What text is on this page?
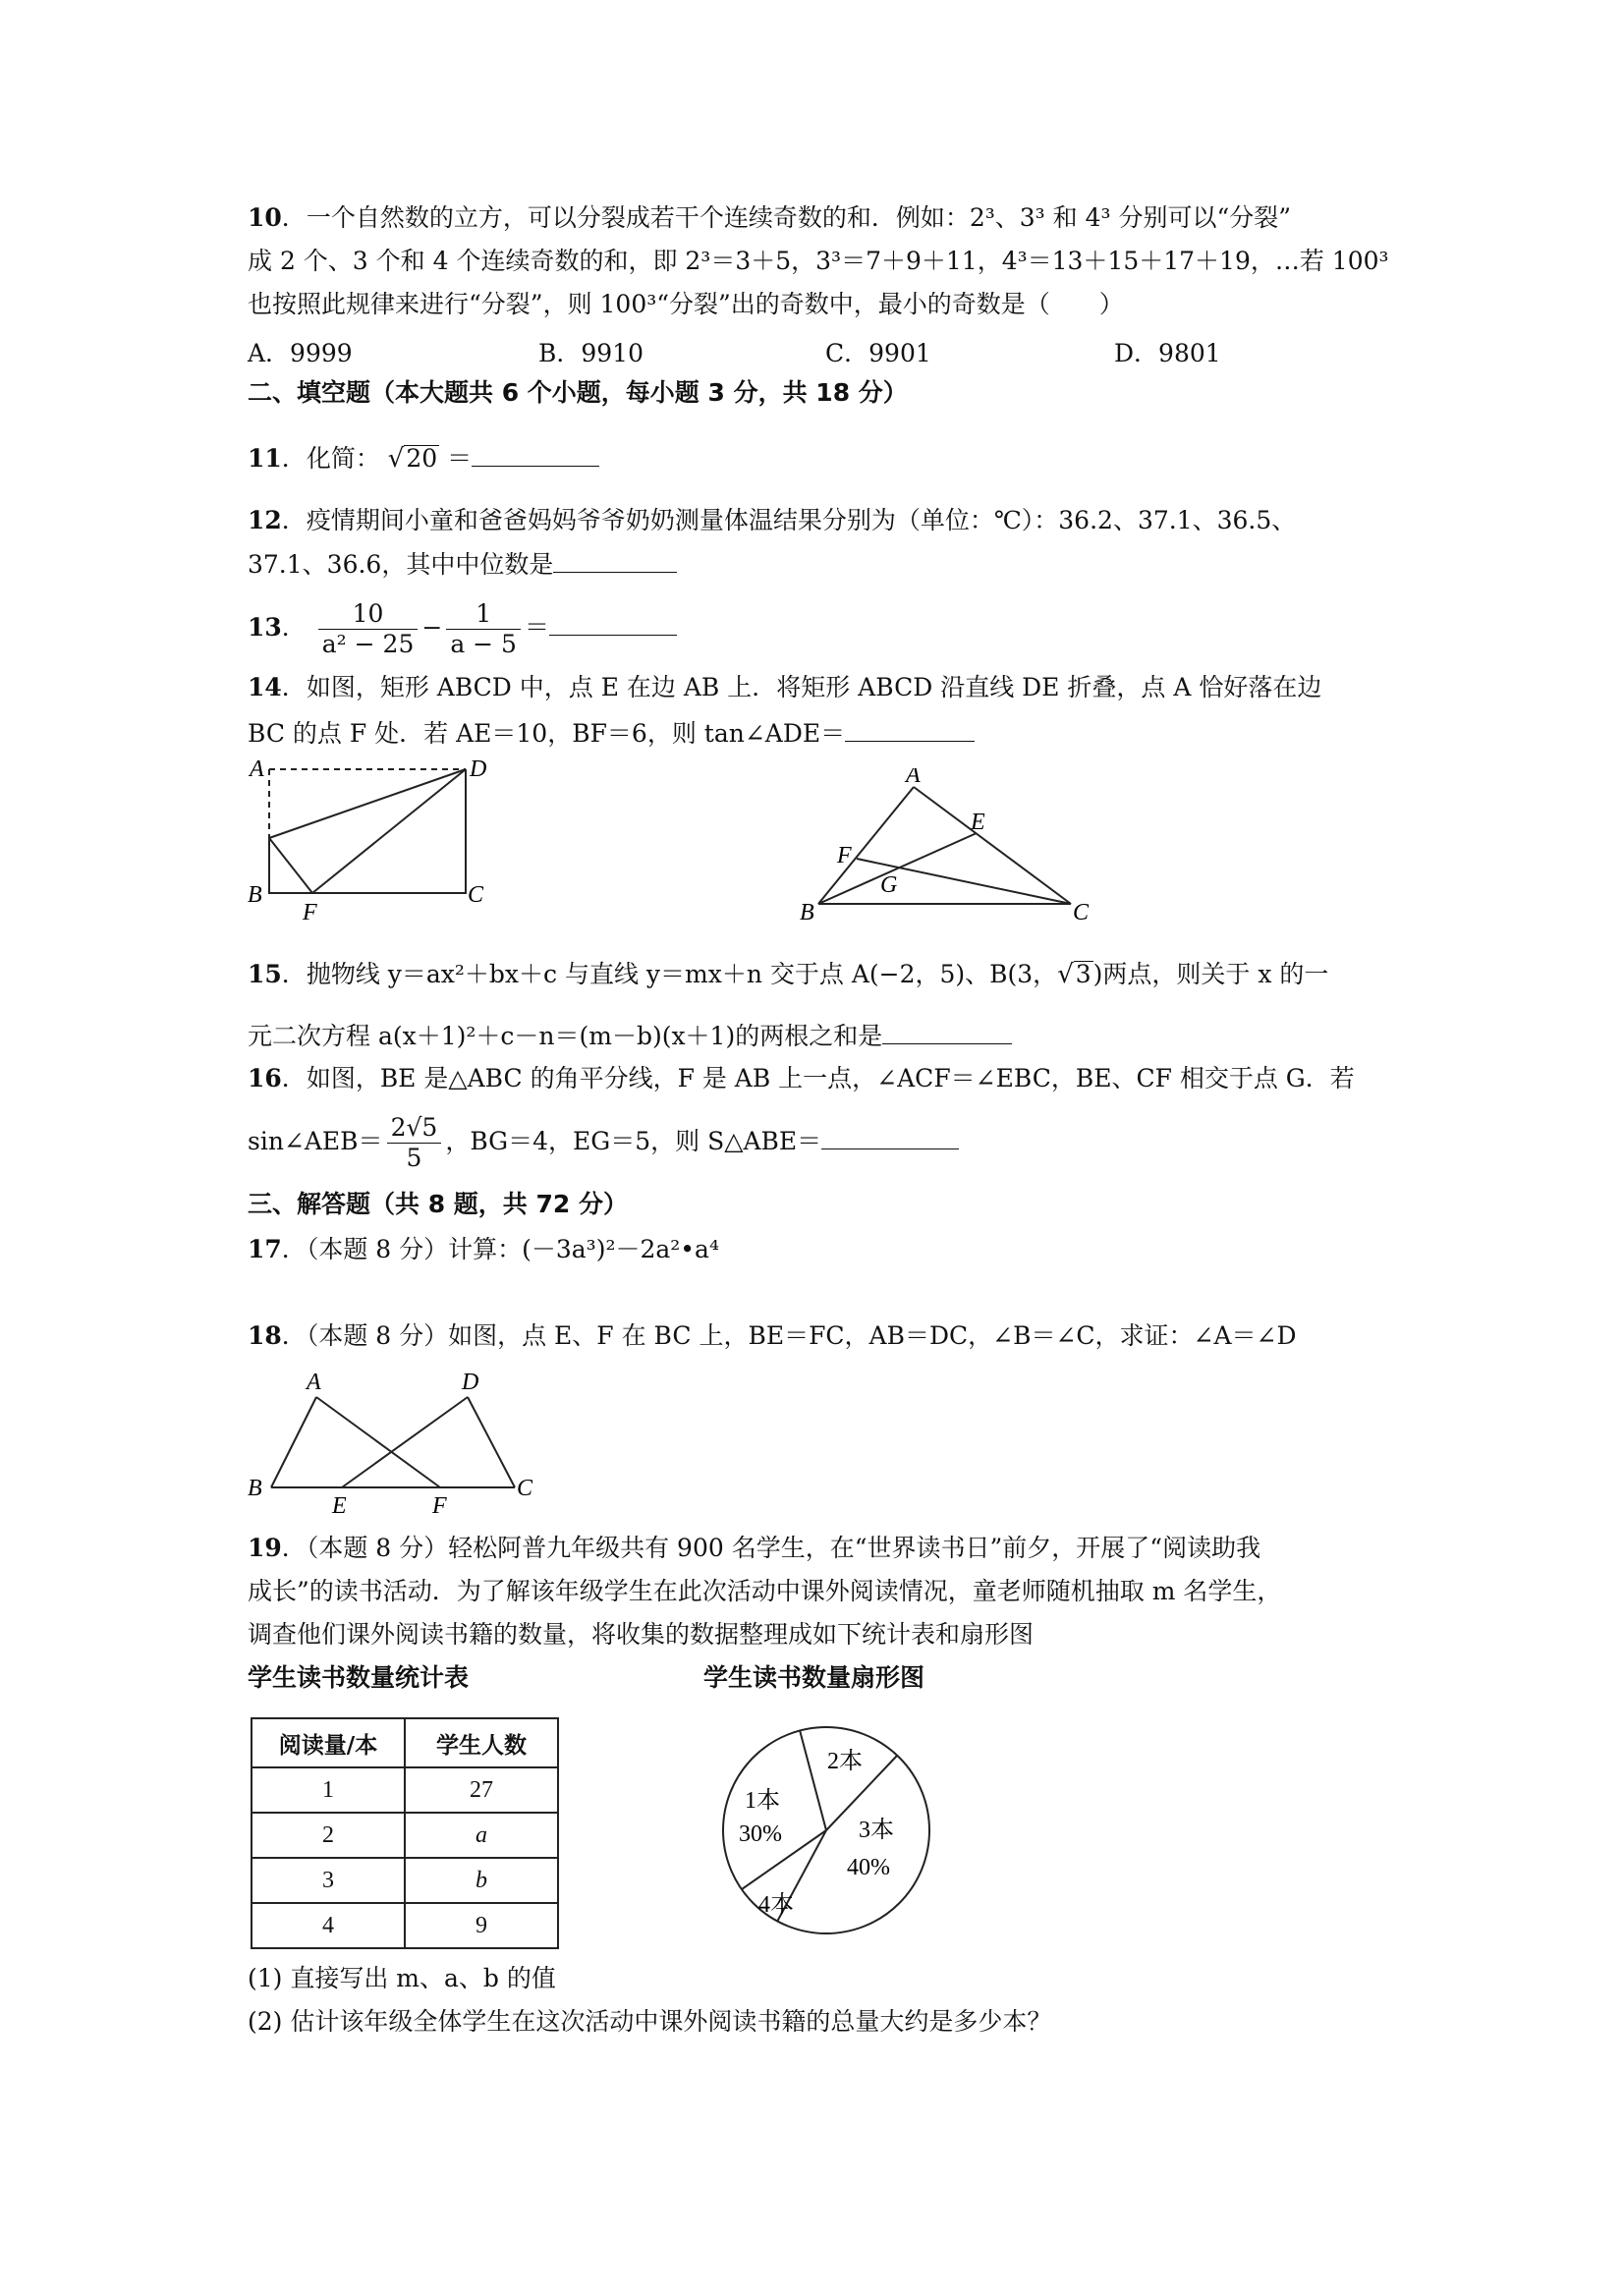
10．一个自然数的立方，可以分裂成若干个连续奇数的和．例如：2³、3³ 和 4³ 分别可以“分裂”
成 2 个、3 个和 4 个连续奇数的和，即 2³＝3＋5，3³＝7＋9＋11，4³＝13＋15＋17＋19，…若 100³
也按照此规律来进行“分裂”，则 100³“分裂”出的奇数中，最小的奇数是（　　）
A．9999	B．9910	C．9901	D．9801
二、填空题（本大题共 6 个小题，每小题 3 分，共 18 分）
11．化简： √20 ＝
12．疫情期间小童和爸爸妈妈爷爷奶奶测量体温结果分别为（单位：℃）：36.2、37.1、36.5、
37.1、36.6，其中中位数是
13． $\frac{10}{\text{a² − 25}} - \frac{1}{a - 5}$ ＝
14．如图，矩形 ABCD 中，点 E 在边 AB 上．将矩形 ABCD 沿直线 DE 折叠，点 A 恰好落在边
BC 的点 F 处．若 AE＝10，BF＝6，则 tan∠ADE＝
A	D
B
F
C
A
E
F
G
B	C
15．抛物线 y＝ax²＋bx＋c 与直线 y＝mx＋n 交于点 A(−2，5)、B(3，√3)两点，则关于 x 的一
元二次方程 a(x＋1)²＋c－n＝(m－b)(x＋1)的两根之和是
16．如图，BE 是△ABC 的角平分线，F 是 AB 上一点，∠ACF＝∠EBC，BE、CF 相交于点 G．若
sin∠AEB＝ $\frac{2√5}{5}$ ，BG＝4，EG＝5，则 S△ABE＝
三、解答题（共 8 题，共 72 分）
17．（本题 8 分）计算：(－3a³)²－2a²•a⁴
18．（本题 8 分）如图，点 E、F 在 BC 上，BE＝FC，AB＝DC，∠B＝∠C，求证：∠A＝∠D
A	D
B
E	F
C
19．（本题 8 分）轻松阿普九年级共有 900 名学生，在“世界读书日”前夕，开展了“阅读助我
成长”的读书活动．为了解该年级学生在此次活动中课外阅读情况，童老师随机抽取 m 名学生，
调查他们课外阅读书籍的数量，将收集的数据整理成如下统计表和扇形图
学生读书数量统计表	学生读书数量扇形图
阅读量/本	学生人数
1	27
2	a
3	b
4	9
1本
30%
2本
3本
40%
4本
(1) 直接写出 m、a、b 的值
(2) 估计该年级全体学生在这次活动中课外阅读书籍的总量大约是多少本？
